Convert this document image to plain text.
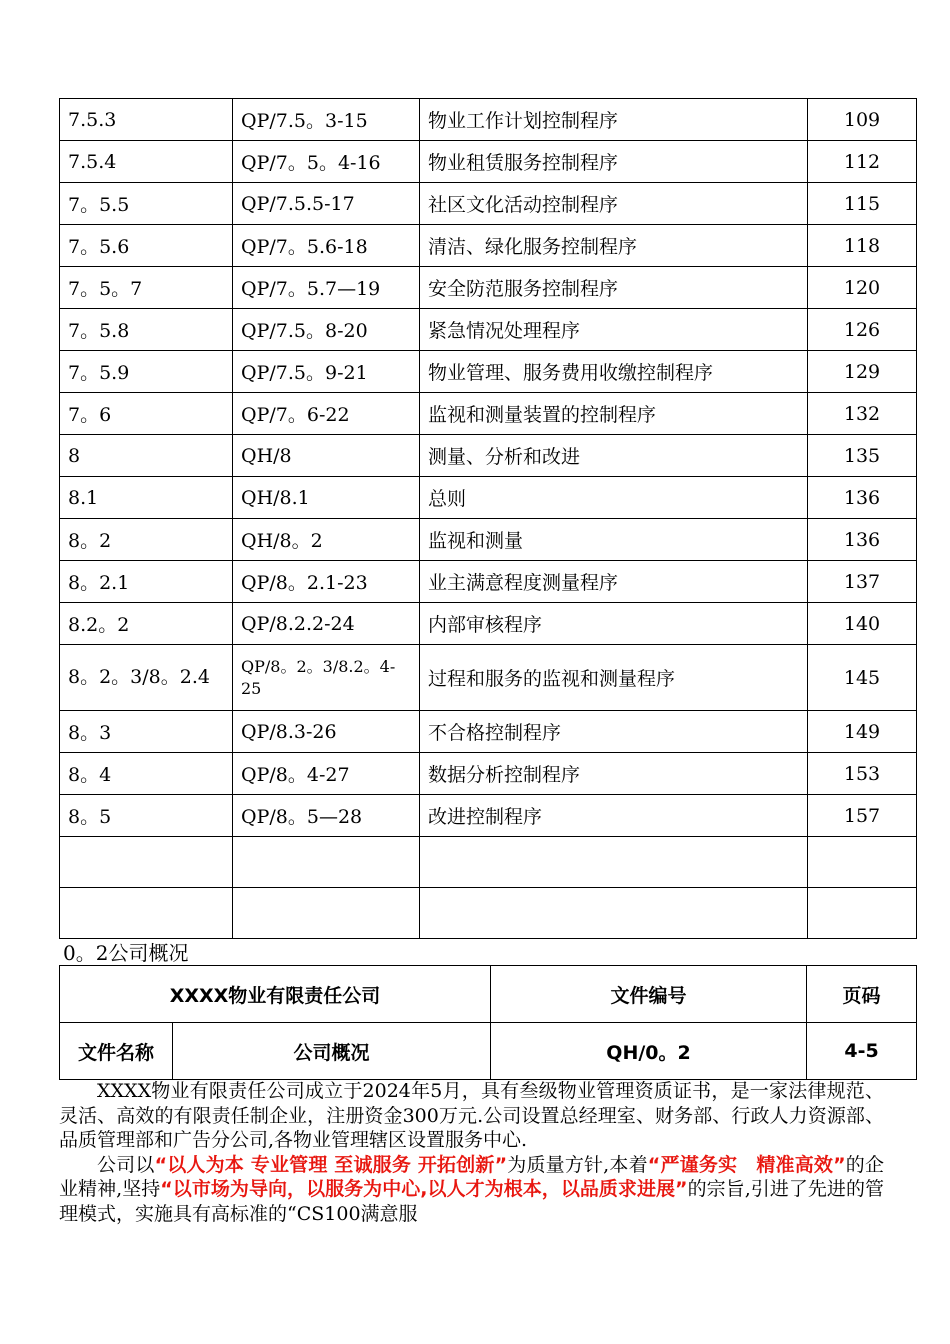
7.5.3	QP/7.5。3-15	物业工作计划控制程序	109
7.5.4	QP/7。5。4-16	物业租赁服务控制程序	112
7。5.5	QP/7.5.5-17	社区文化活动控制程序	115
7。5.6	QP/7。5.6-18	清洁、绿化服务控制程序	118
7。5。7	QP/7。5.7—19	安全防范服务控制程序	120
7。5.8	QP/7.5。8-20	紧急情况处理程序	126
7。5.9	QP/7.5。9-21	物业管理、服务费用收缴控制程序	129
7。6	QP/7。6-22	监视和测量装置的控制程序	132
8	QH/8	测量、分析和改进	135
8.1	QH/8.1	总则	136
8。2	QH/8。2	监视和测量	136
8。2.1	QP/8。2.1-23	业主满意程度测量程序	137
8.2。2	QP/8.2.2-24	内部审核程序	140
8。2。3/8。2.4	QP/8。2。3/8.2。4-25	过程和服务的监视和测量程序	145
8。3	QP/8.3-26	不合格控制程序	149
8。4	QP/8。4-27	数据分析控制程序	153
8。5	QP/8。5—28	改进控制程序	157

0。2公司概况
XXXX物业有限责任公司		文件编号	页码
文件名称	公司概况	QH/0。2	4-5

XXXX物业有限责任公司成立于2024年5月，具有叁级物业管理资质证书，是一家法律规范、灵活、高效的有限责任制企业，注册资金300万元.公司设置总经理室、财务部、行政人力资源部、品质管理部和广告分公司,各物业管理辖区设置服务中心.

公司以“以人为本 专业管理 至诚服务 开拓创新”为质量方针,本着“严谨务实　精准高效”的企业精神,坚持“以市场为导向，以服务为中心,以人才为根本，以品质求进展”的宗旨,引进了先进的管理模式，实施具有高标准的“CS100满意服
